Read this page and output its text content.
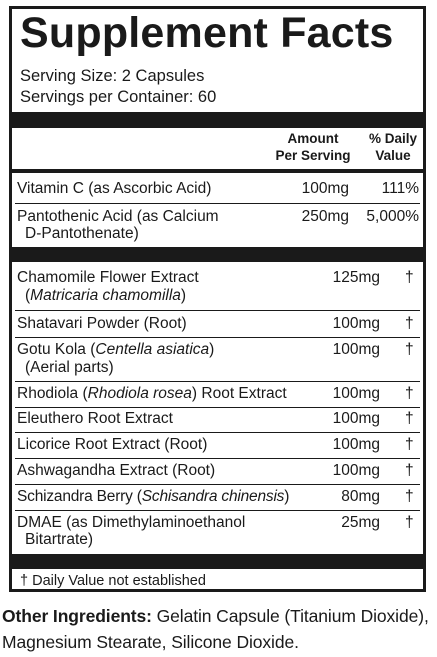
Supplement Facts
Serving Size: 2 Capsules
Servings per Container: 60
Amount
Per Serving
% Daily
Value
Vitamin C (as Ascorbic Acid)	100mg	111%
Pantothenic Acid (as Calcium
D-Pantothenate)
250mg	5,000%
Chamomile Flower Extract
(Matricaria chamomilla)
125mg †
Shatavari Powder (Root)	100mg †
Gotu Kola (Centella asiatica)
(Aerial parts)
100mg †
Rhodiola (Rhodiola rosea) Root Extract	100mg †
Eleuthero Root Extract	100mg †
Licorice Root Extract (Root)	100mg †
Ashwagandha Extract (Root)	100mg †
Schizandra Berry (Schisandra chinensis)	80mg †
DMAE (as Dimethylaminoethanol
Bitartrate)
25mg †
† Daily Value not established
Other Ingredients: Gelatin Capsule (Titanium Dioxide), Magnesium Stearate, Silicone Dioxide.
